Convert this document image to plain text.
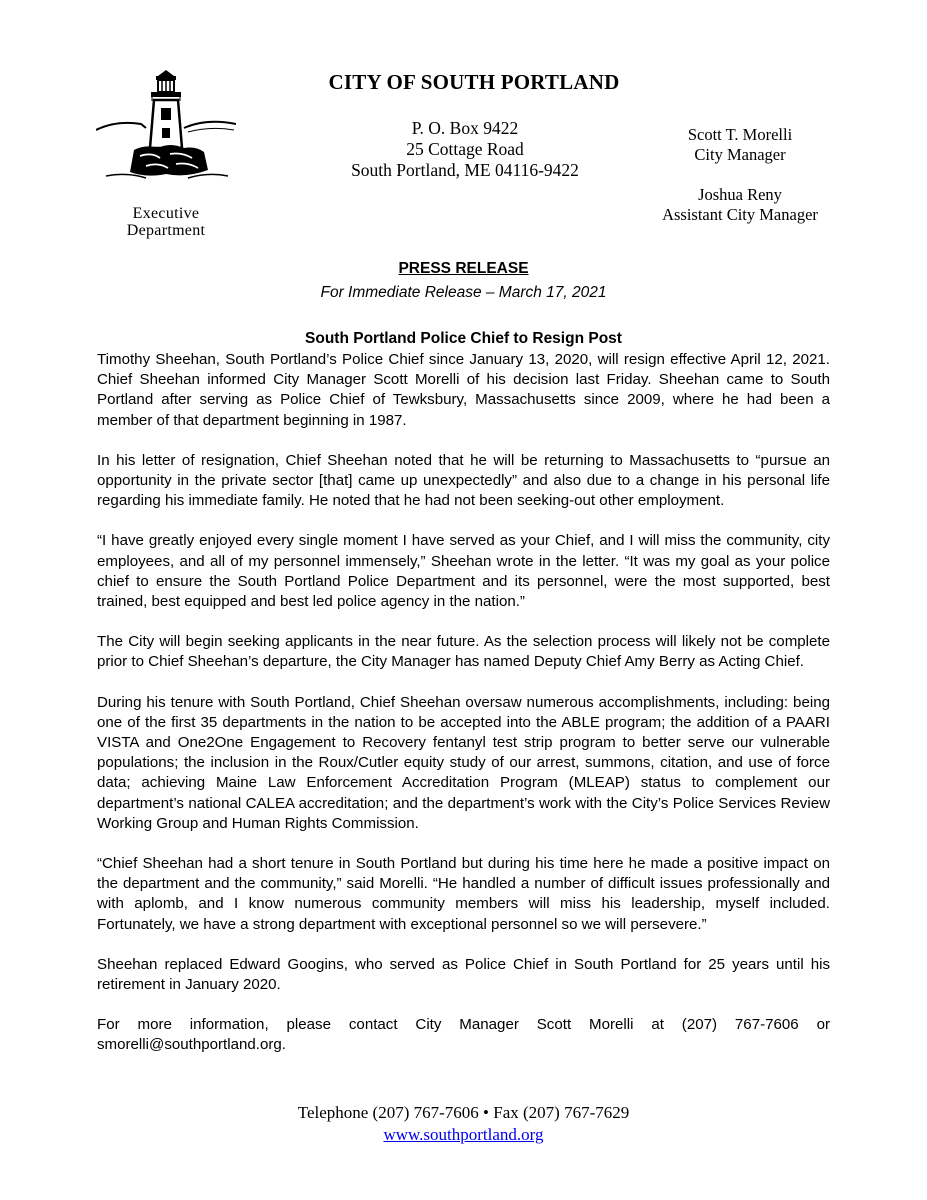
Executive
Department
CITY OF SOUTH PORTLAND
P. O. Box 9422
25 Cottage Road
South Portland, ME 04116-9422
Scott T. Morelli
City Manager
Joshua Reny
Assistant City Manager
PRESS RELEASE
For Immediate Release – March 17, 2021
South Portland Police Chief to Resign Post

Timothy Sheehan, South Portland’s Police Chief since January 13, 2020, will resign effective April 12, 2021. Chief Sheehan informed City Manager Scott Morelli of his decision last Friday. Sheehan came to South Portland after serving as Police Chief of Tewksbury, Massachusetts since 2009, where he had been a member of that department beginning in 1987.

In his letter of resignation, Chief Sheehan noted that he will be returning to Massachusetts to “pursue an opportunity in the private sector [that] came up unexpectedly” and also due to a change in his personal life regarding his immediate family. He noted that he had not been seeking-out other employment.

“I have greatly enjoyed every single moment I have served as your Chief, and I will miss the community, city employees, and all of my personnel immensely,” Sheehan wrote in the letter. “It was my goal as your police chief to ensure the South Portland Police Department and its personnel, were the most supported, best trained, best equipped and best led police agency in the nation.”

The City will begin seeking applicants in the near future. As the selection process will likely not be complete prior to Chief Sheehan’s departure, the City Manager has named Deputy Chief Amy Berry as Acting Chief.

During his tenure with South Portland, Chief Sheehan oversaw numerous accomplishments, including: being one of the first 35 departments in the nation to be accepted into the ABLE program; the addition of a PAARI VISTA and One2One Engagement to Recovery fentanyl test strip program to better serve our vulnerable populations; the inclusion in the Roux/Cutler equity study of our arrest, summons, citation, and use of force data; achieving Maine Law Enforcement Accreditation Program (MLEAP) status to complement our department’s national CALEA accreditation; and the department’s work with the City’s Police Services Review Working Group and Human Rights Commission.

“Chief Sheehan had a short tenure in South Portland but during his time here he made a positive impact on the department and the community,” said Morelli. “He handled a number of difficult issues professionally and with aplomb, and I know numerous community members will miss his leadership, myself included. Fortunately, we have a strong department with exceptional personnel so we will persevere.”

Sheehan replaced Edward Googins, who served as Police Chief in South Portland for 25 years until his retirement in January 2020.

For more information, please contact City Manager Scott Morelli at (207) 767-7606 or smorelli@southportland.org.

Telephone (207) 767-7606 • Fax (207) 767-7629
www.southportland.org
